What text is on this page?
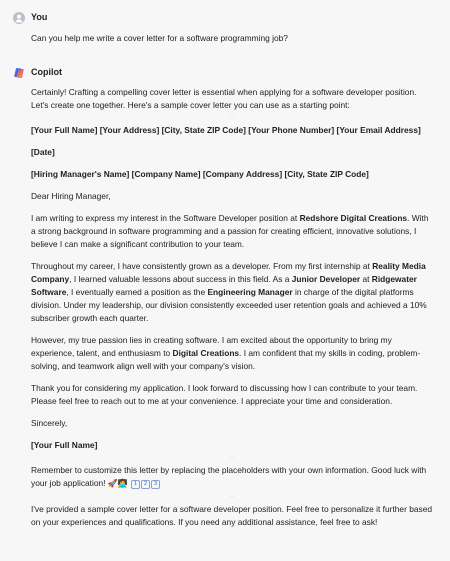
You
Can you help me write a cover letter for a software programming job?
Copilot

Certainly! Crafting a compelling cover letter is essential when applying for a software developer position. Let's create one together. Here's a sample cover letter you can use as a starting point:

-

[Your Full Name] [Your Address] [City, State ZIP Code] [Your Phone Number] [Your Email Address]

[Date]

[Hiring Manager's Name] [Company Name] [Company Address] [City, State ZIP Code]

Dear Hiring Manager,

I am writing to express my interest in the Software Developer position at Redshore Digital Creations. With a strong background in software programming and a passion for creating efficient, innovative solutions, I believe I can make a significant contribution to your team.

Throughout my career, I have consistently grown as a developer. From my first internship at Reality Media Company, I learned valuable lessons about success in this field. As a Junior Developer at Ridgewater Software, I eventually earned a position as the Engineering Manager in charge of the digital platforms division. Under my leadership, our division consistently exceeded user retention goals and achieved a 10% subscriber growth each quarter.

However, my true passion lies in creating software. I am excited about the opportunity to bring my experience, talent, and enthusiasm to Digital Creations. I am confident that my skills in coding, problem-solving, and teamwork align well with your company's vision.

Thank you for considering my application. I look forward to discussing how I can contribute to your team. Please feel free to reach out to me at your convenience. I appreciate your time and consideration.

Sincerely,

[Your Full Name]

-

Remember to customize this letter by replacing the placeholders with your own information. Good luck with your job application! 🚀👩‍💻 1 2 3

-

I've provided a sample cover letter for a software developer position. Feel free to personalize it further based on your experiences and qualifications. If you need any additional assistance, feel free to ask!
